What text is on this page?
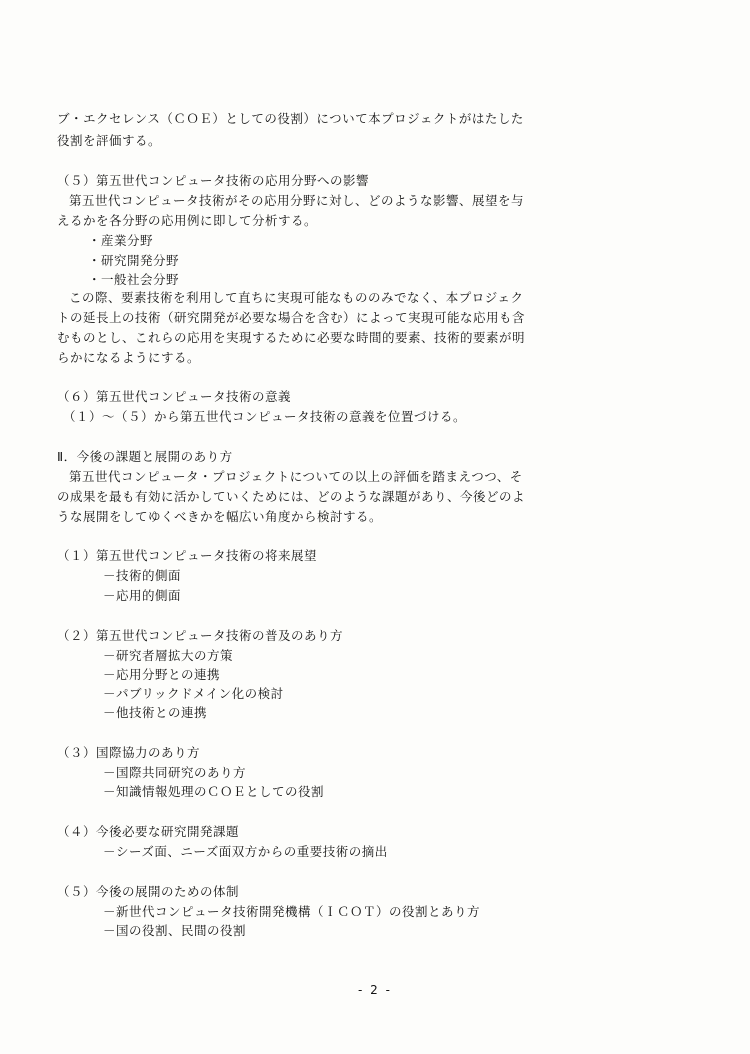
ブ・エクセレンス（ＣＯＥ）としての役割）について本プロジェクトがはたした
役割を評価する。
（５）第五世代コンピュータ技術の応用分野への影響
第五世代コンピュータ技術がその応用分野に対し、どのような影響、展望を与
えるかを各分野の応用例に即して分析する。
・産業分野
・研究開発分野
・一般社会分野
この際、要素技術を利用して直ちに実現可能なもののみでなく、本プロジェク
トの延長上の技術（研究開発が必要な場合を含む）によって実現可能な応用も含
むものとし、これらの応用を実現するために必要な時間的要素、技術的要素が明
らかになるようにする。
（６）第五世代コンピュータ技術の意義
（１）～（５）から第五世代コンピュータ技術の意義を位置づける。
Ⅱ．今後の課題と展開のあり方
第五世代コンピュータ・プロジェクトについての以上の評価を踏まえつつ、そ
の成果を最も有効に活かしていくためには、どのような課題があり、今後どのよ
うな展開をしてゆくべきかを幅広い角度から検討する。
（１）第五世代コンピュータ技術の将来展望
－技術的側面
－応用的側面
（２）第五世代コンピュータ技術の普及のあり方
－研究者層拡大の方策
－応用分野との連携
－パブリックドメイン化の検討
－他技術との連携
（３）国際協力のあり方
－国際共同研究のあり方
－知識情報処理のＣＯＥとしての役割
（４）今後必要な研究開発課題
－シーズ面、ニーズ面双方からの重要技術の摘出
（５）今後の展開のための体制
－新世代コンピュータ技術開発機構（ＩＣＯＴ）の役割とあり方
－国の役割、民間の役割
- 2 -
